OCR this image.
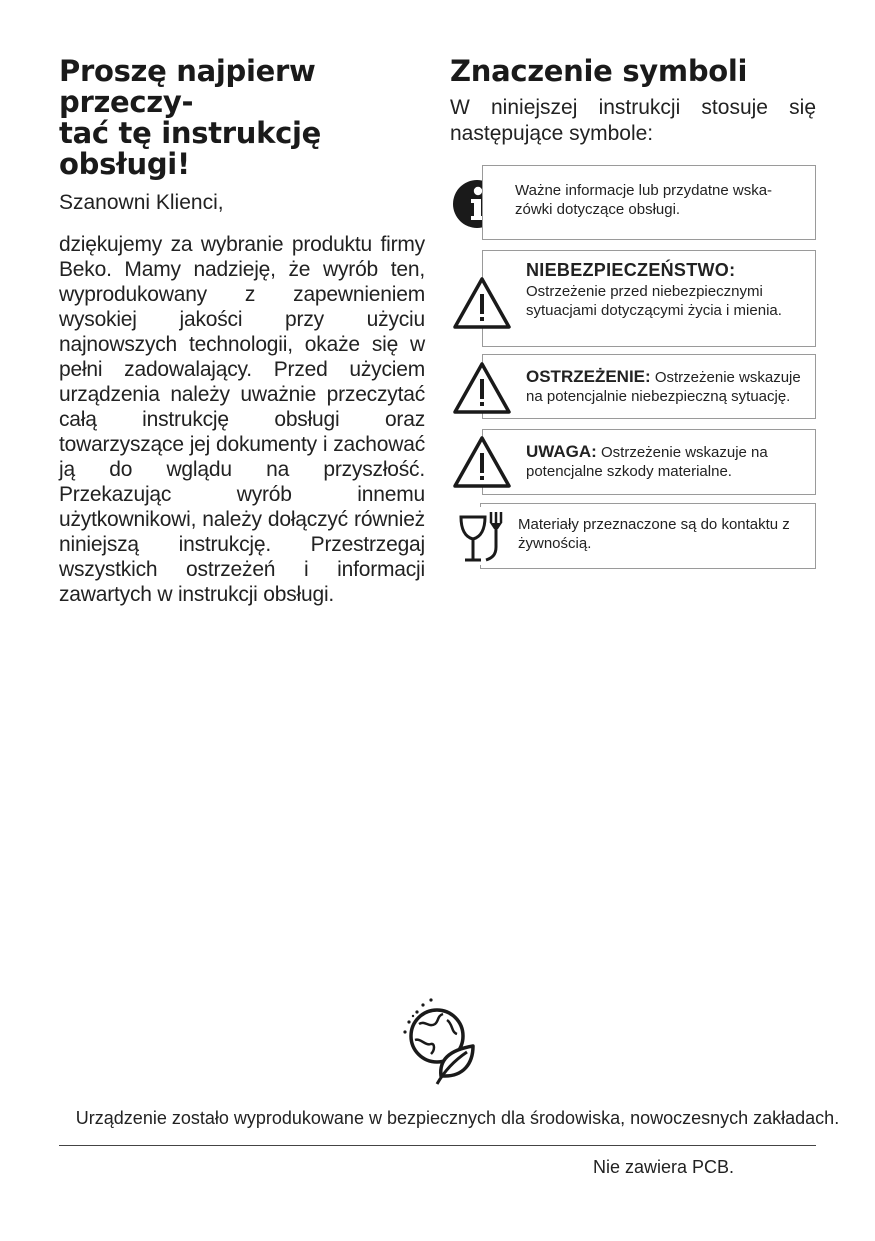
Proszę najpierw przeczy-
tać tę instrukcję obsługi!
Szanowni Klienci,
dziękujemy za wybranie produktu firmy Beko. Mamy nadzieję, że wyrób ten, wyprodukowany z zapewnieniem wysokiej jakości przy użyciu najnowszych technologii, okaże się w pełni zadowalający. Przed użyciem urządzenia należy uważnie przeczytać całą instrukcję obsługi oraz towarzyszące jej dokumenty i zachować ją do wglądu na przyszłość. Przekazując wyrób innemu użytkownikowi, należy dołączyć również niniejszą instrukcję. Przestrzegaj wszystkich ostrzeżeń i informacji zawartych w instrukcji obsługi.
Znaczenie symboli
W niniejszej instrukcji stosuje się następujące symbole:
Ważne informacje lub przydatne wska-zówki dotyczące obsługi.
NIEBEZPIECZEŃSTWO:
Ostrzeżenie przed niebezpiecznymi sytuacjami dotyczącymi życia i mienia.
OSTRZEŻENIE: Ostrzeżenie wskazuje na potencjalnie niebezpieczną sytuację.
UWAGA: Ostrzeżenie wskazuje na potencjalne szkody materialne.
Materiały przeznaczone są do kontaktu z żywnością.
Urządzenie zostało wyprodukowane w bezpiecznych dla środowiska, nowoczesnych zakładach.
Nie zawiera PCB.
